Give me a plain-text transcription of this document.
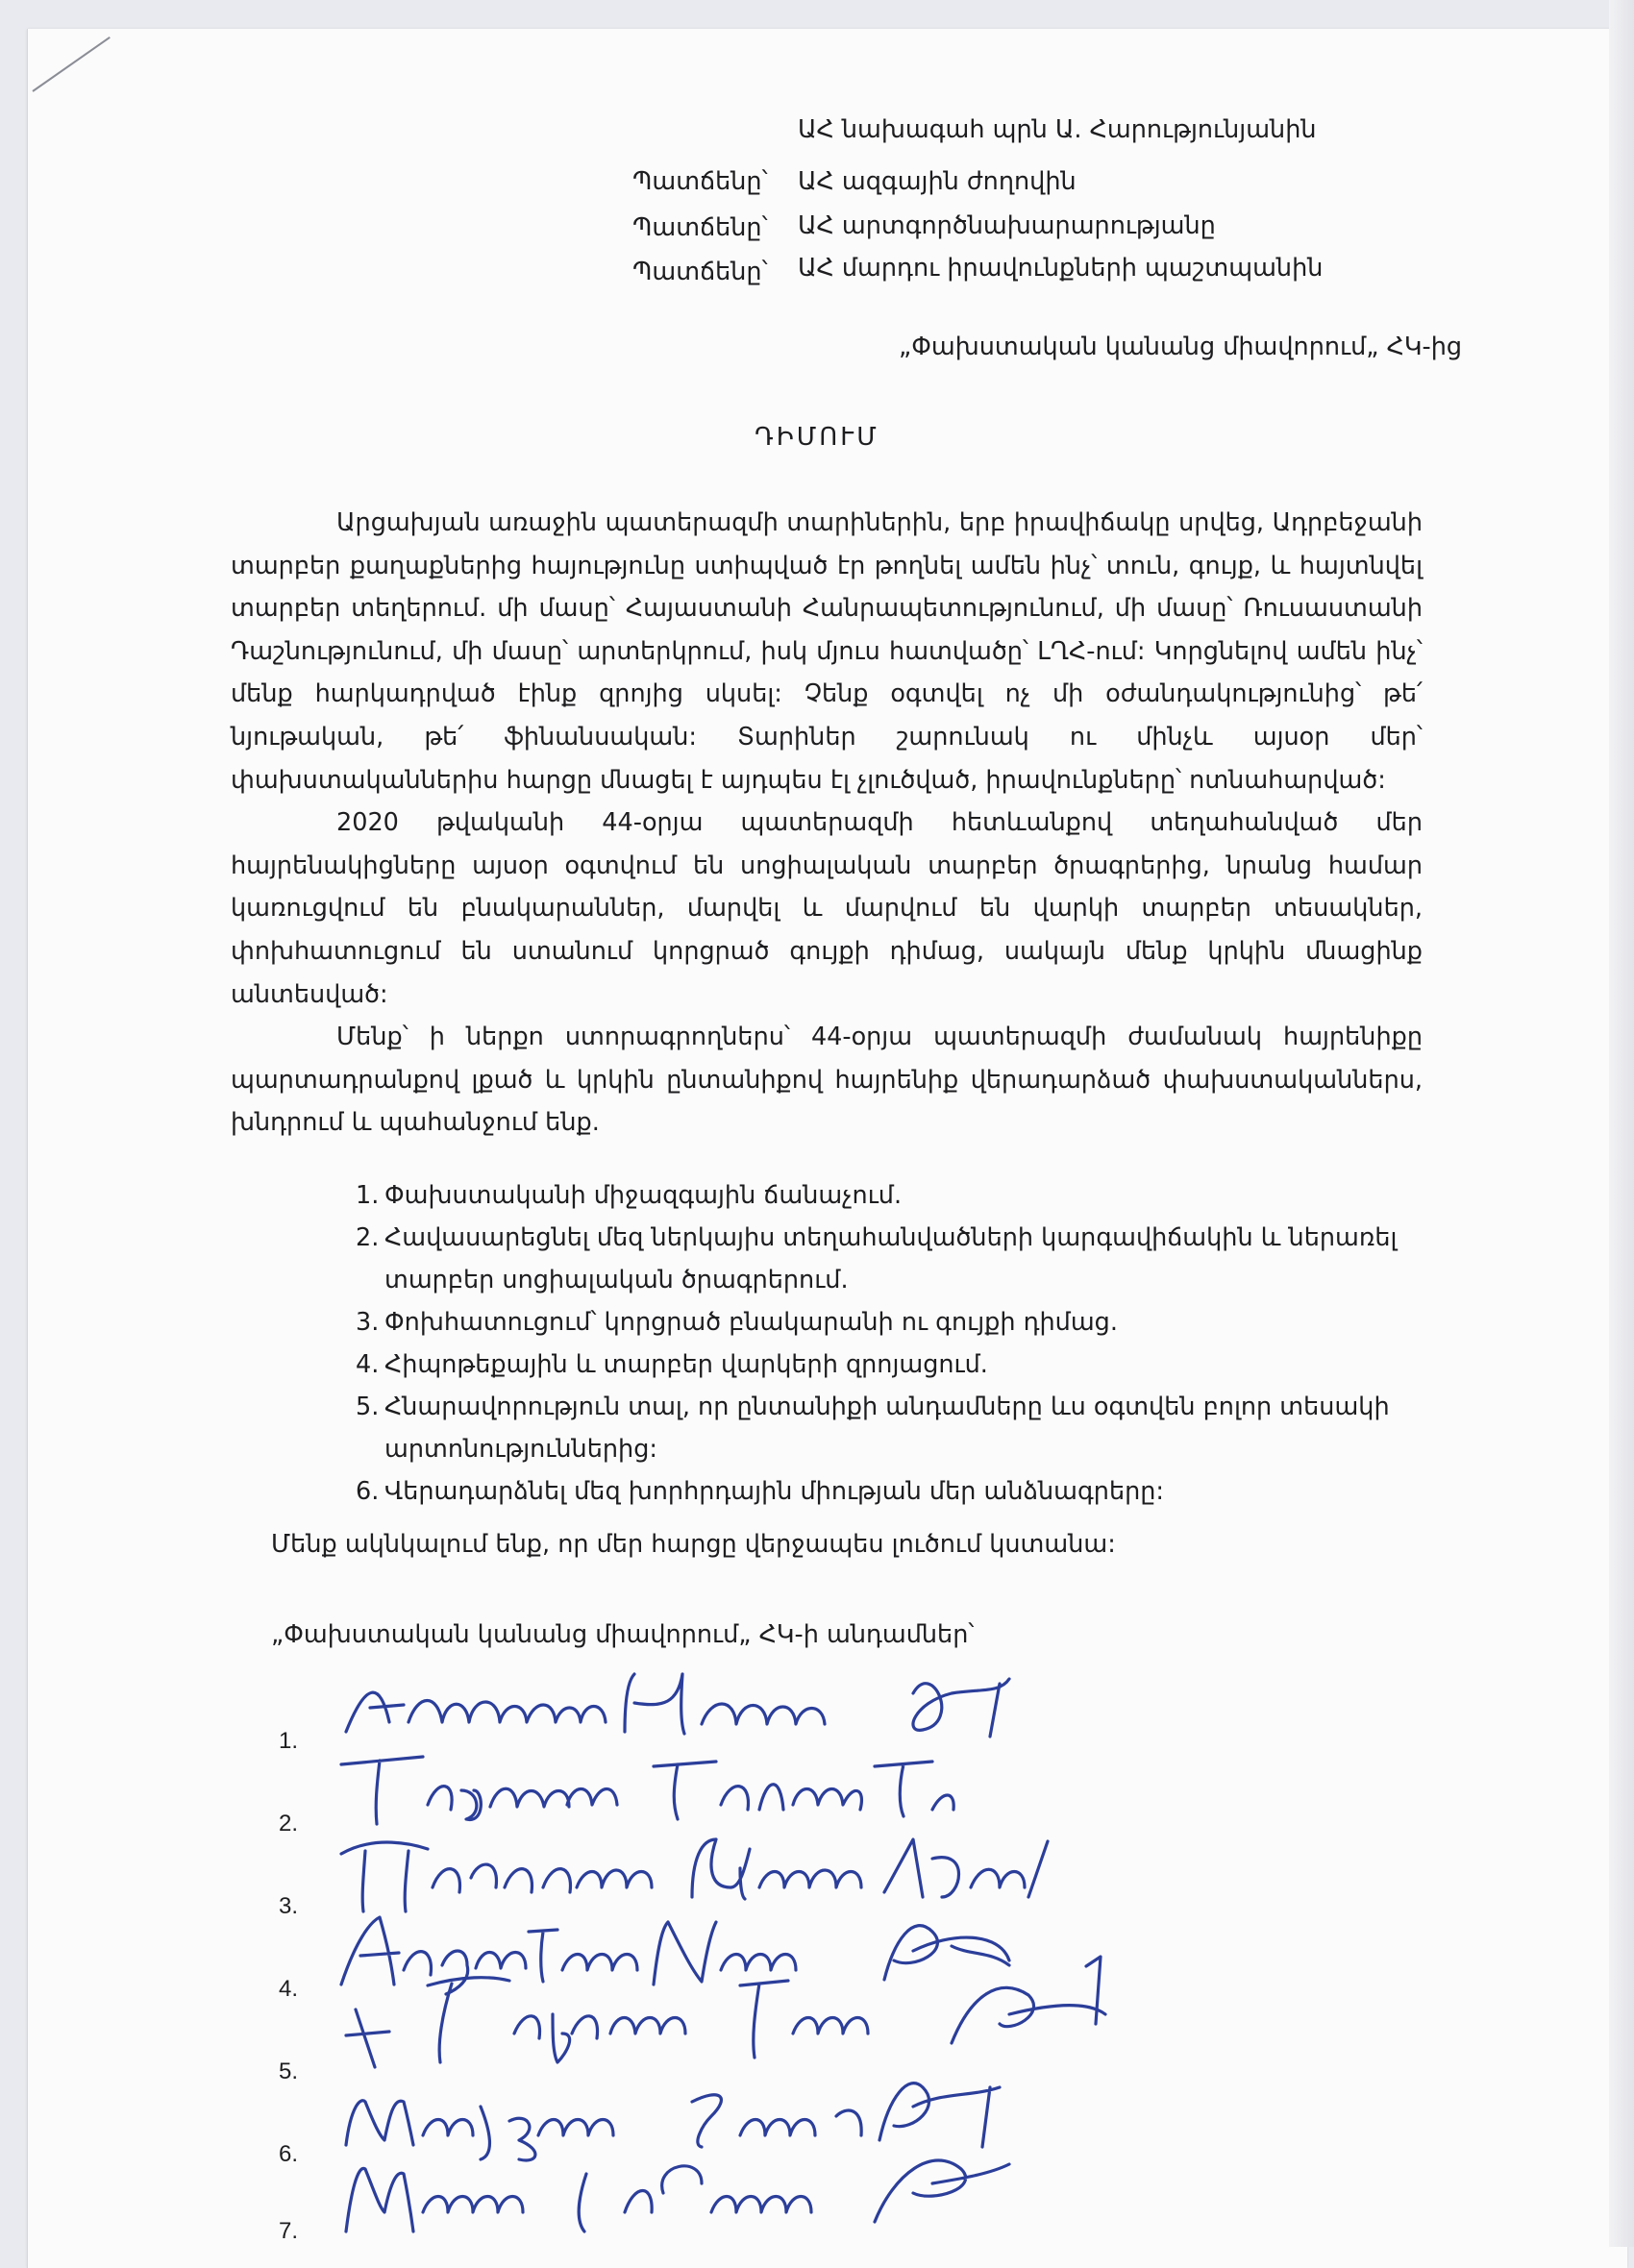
ԱՀ նախագահ պրն Ա. Հարությունյանին
Պատճենը՝ ԱՀ ազգային ժողովին
Պատճենը՝ ԱՀ արտգործնախարարությանը
Պատճենը՝ ԱՀ մարդու իրավունքների պաշտպանին
„Փախստական կանանց միավորում„ ՀԿ-ից
ԴԻՄՈՒՄ

Արցախյան առաջին պատերազմի տարիներին, երբ իրավիճակը սրվեց, Ադրբեջանի տարբեր քաղաքներից հայությունը ստիպված էր թողնել ամեն ինչ՝ տուն, գույք, և հայտնվել տարբեր տեղերում. մի մասը՝ Հայաստանի Հանրապետությունում, մի մասը՝ Ռուսաստանի Դաշնությունում, մի մասը՝ արտերկրում, իսկ մյուս հատվածը՝ ԼՂՀ-ում: Կորցնելով ամեն ինչ՝ մենք հարկադրված էինք զրոյից սկսել: Չենք օգտվել ոչ մի օժանդակությունից՝ թե՛ նյութական, թե՛ ֆինանսական: Տարիներ շարունակ ու մինչև այսօր մեր՝ փախստականներիս հարցը մնացել է այդպես էլ չլուծված, իրավունքները՝ ոտնահարված:

2020 թվականի 44-օրյա պատերազմի հետևանքով տեղահանված մեր հայրենակիցները այսօր օգտվում են սոցիալական տարբեր ծրագրերից, նրանց համար կառուցվում են բնակարաններ, մարվել և մարվում են վարկի տարբեր տեսակներ, փոխհատուցում են ստանում կորցրած գույքի դիմաց, սակայն մենք կրկին մնացինք անտեսված:

Մենք՝ ի ներքո ստորագրողներս՝ 44-օրյա պատերազմի ժամանակ հայրենիքը պարտադրանքով լքած և կրկին ընտանիքով հայրենիք վերադարձած փախստականներս, խնդրում և պահանջում ենք.

1. Փախստականի միջազգային ճանաչում.
2. Հավասարեցնել մեզ ներկայիս տեղահանվածների կարգավիճակին և ներառել տարբեր սոցիալական ծրագրերում.
3. Փոխհատուցում՝ կորցրած բնակարանի ու գույքի դիմաց.
4. Հիպոթեքային և տարբեր վարկերի զրոյացում.
5. Հնարավորություն տալ, որ ընտանիքի անդամները ևս օգտվեն բոլոր տեսակի արտոնություններից:
6. Վերադարձնել մեզ խորհրդային միության մեր անձնագրերը:
Մենք ակնկալում ենք, որ մեր հարցը վերջապես լուծում կստանա:
„Փախստական կանանց միավորում„ ՀԿ-ի անդամներ՝
1.
2.
3.
4.
5.
6.
7.
